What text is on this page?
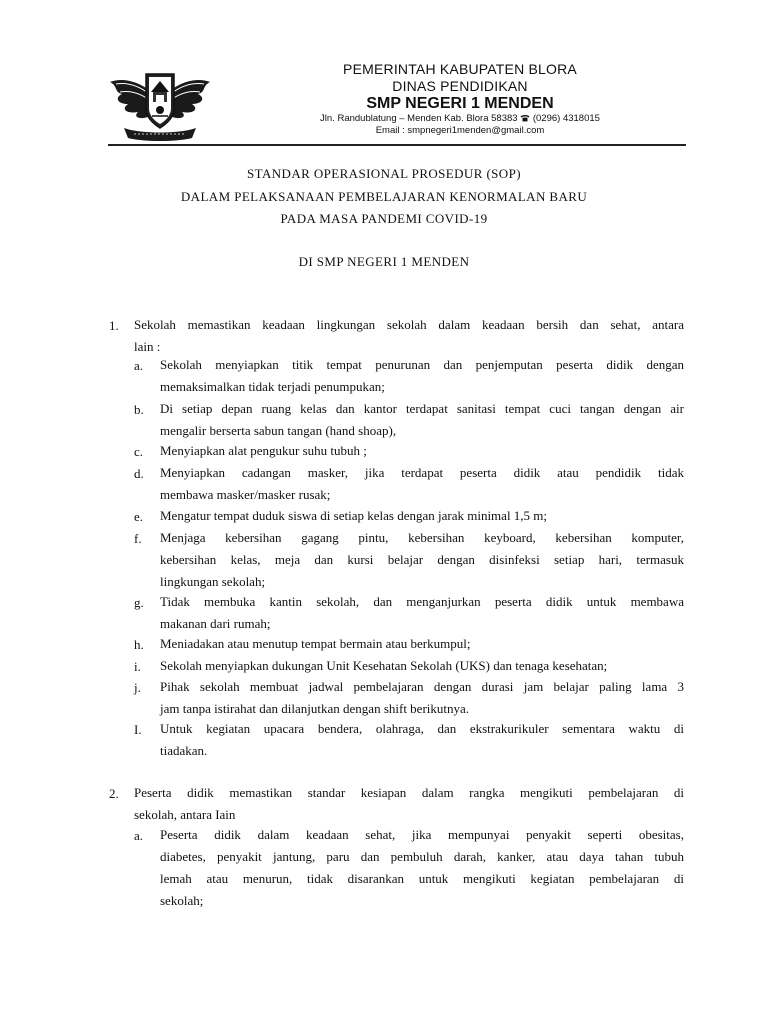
PEMERINTAH KABUPATEN BLORA
DINAS PENDIDIKAN
SMP NEGERI 1 MENDEN
Jln. Randublatung – Menden Kab. Blora 58383 (0296) 4318015
Email : smpnegeri1menden@gmail.com
STANDAR OPERASIONAL PROSEDUR (SOP)
DALAM PELAKSANAAN PEMBELAJARAN KENORMALAN BARU
PADA MASA PANDEMI COVID-19
DI SMP NEGERI 1 MENDEN
1. Sekolah memastikan keadaan lingkungan sekolah dalam keadaan bersih dan sehat, antara
lain :
a. Sekolah menyiapkan titik tempat penurunan dan penjemputan peserta didik dengan
memaksimalkan tidak terjadi penumpukan;
b. Di setiap depan ruang kelas dan kantor terdapat sanitasi tempat cuci tangan dengan air
mengalir berserta sabun tangan (hand shoap),
c. Menyiapkan alat pengukur suhu tubuh ;
d. Menyiapkan cadangan masker, jika terdapat peserta didik atau pendidik tidak
membawa masker/masker rusak;
e. Mengatur tempat duduk siswa di setiap kelas dengan jarak minimal 1,5 m;
f. Menjaga kebersihan gagang pintu, kebersihan keyboard, kebersihan komputer,
kebersihan kelas, meja dan kursi belajar dengan disinfeksi setiap hari, termasuk
lingkungan sekolah;
g. Tidak membuka kantin sekolah, dan menganjurkan peserta didik untuk membawa
makanan dari rumah;
h. Meniadakan atau menutup tempat bermain atau berkumpul;
i. Sekolah menyiapkan dukungan Unit Kesehatan Sekolah (UKS) dan tenaga kesehatan;
j. Pihak sekolah membuat jadwal pembelajaran dengan durasi jam belajar paling lama 3
jam tanpa istirahat dan dilanjutkan dengan shift berikutnya.
I. Untuk kegiatan upacara bendera, olahraga, dan ekstrakurikuler sementara waktu di
tiadakan.
2. Peserta didik memastikan standar kesiapan dalam rangka mengikuti pembelajaran di
sekolah, antara Iain
a. Peserta didik dalam keadaan sehat, jika mempunyai penyakit seperti obesitas,
diabetes, penyakit jantung, paru dan pembuluh darah, kanker, atau daya tahan tubuh
lemah atau menurun, tidak disarankan untuk mengikuti kegiatan pembelajaran di
sekolah;
